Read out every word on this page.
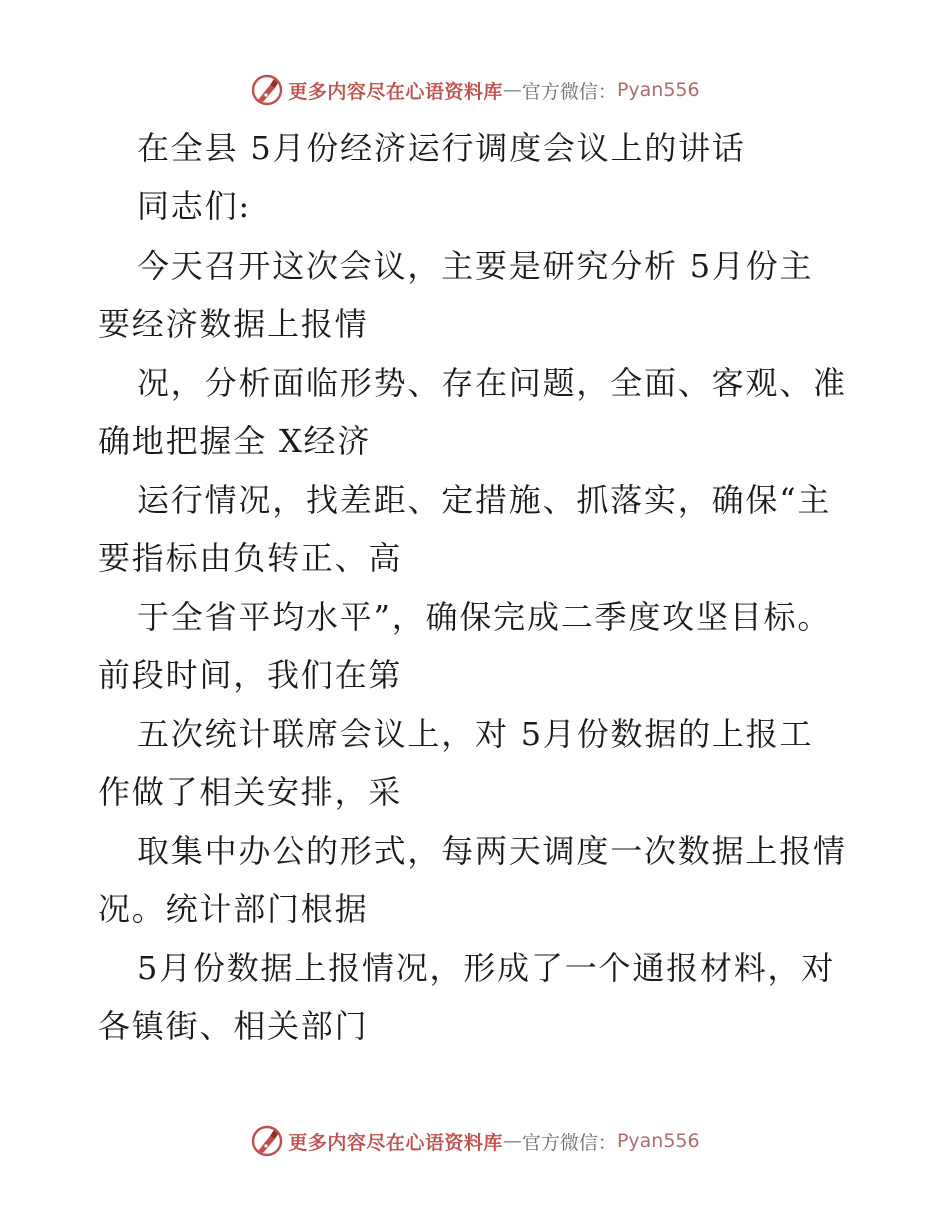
更多内容尽在心语资料库 — 官方微信： Pyan556
在全县 5月份经济运行调度会议上的讲话
同志们:
今天召开这次会议，主要是研究分析 5月份主
要经济数据上报情
况，分析面临形势、存在问题，全面、客观、准
确地把握全 X经济
运行情况，找差距、定措施、抓落实，确保“主
要指标由负转正、高
于全省平均水平”，确保完成二季度攻坚目标。
前段时间，我们在第
五次统计联席会议上，对 5月份数据的上报工
作做了相关安排，采
取集中办公的形式，每两天调度一次数据上报情
况。统计部门根据
5月份数据上报情况，形成了一个通报材料，对
各镇街、相关部门
更多内容尽在心语资料库 — 官方微信： Pyan556
